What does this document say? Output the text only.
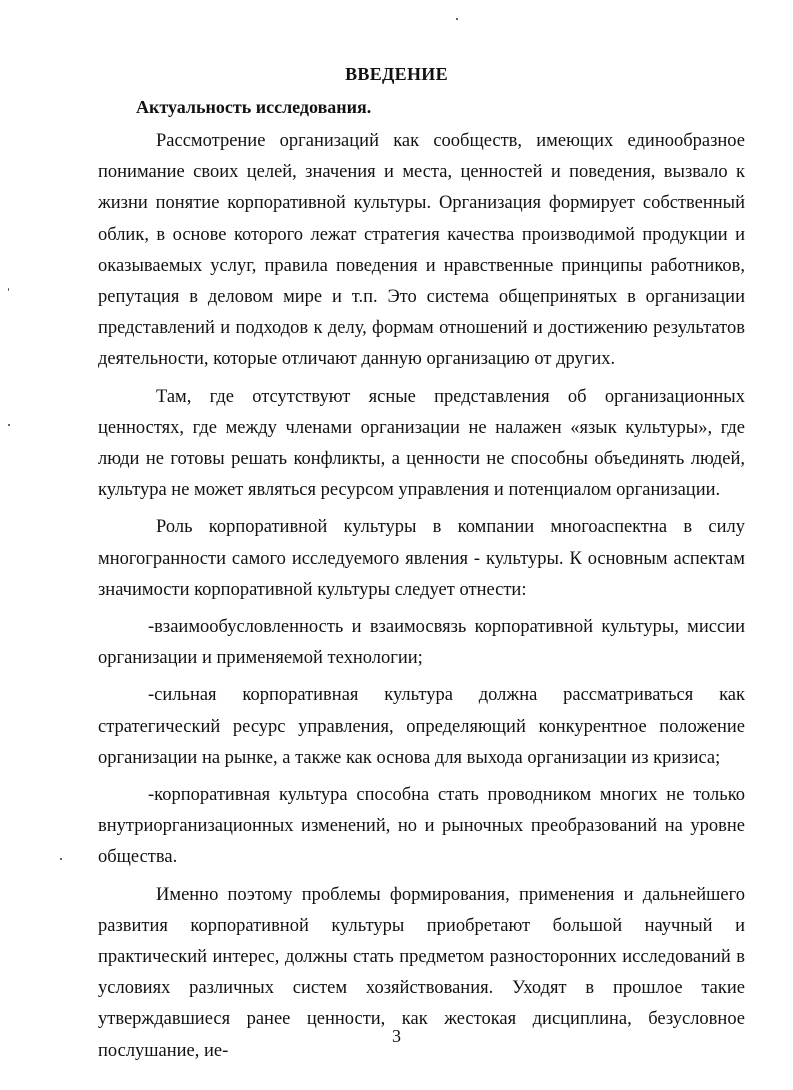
ВВЕДЕНИЕ
Актуальность исследования.

Рассмотрение организаций как сообществ, имеющих единообразное понимание своих целей, значения и места, ценностей и поведения, вызвало к жизни понятие корпоративной культуры. Организация формирует собственный облик, в основе которого лежат стратегия качества производимой продукции и оказываемых услуг, правила поведения и нравственные принципы работников, репутация в деловом мире и т.п. Это система общепринятых в организации представлений и подходов к делу, формам отношений и достижению результатов деятельности, которые отличают данную организацию от других.

Там, где отсутствуют ясные представления об организационных ценностях, где между членами организации не налажен «язык культуры», где люди не готовы решать конфликты, а ценности не способны объединять людей, культура не может являться ресурсом управления и потенциалом организации.

Роль корпоративной культуры в компании многоаспектна в силу многогранности самого исследуемого явления - культуры. К основным аспектам значимости корпоративной культуры следует отнести:

-взаимообусловленность и взаимосвязь корпоративной культуры, миссии организации и применяемой технологии;

-сильная корпоративная культура должна рассматриваться как стратегический ресурс управления, определяющий конкурентное положение организации на рынке, а также как основа для выхода организации из кризиса;

-корпоративная культура способна стать проводником многих не только внутриорганизационных изменений, но и рыночных преобразований на уровне общества.

Именно поэтому проблемы формирования, применения и дальнейшего развития корпоративной культуры приобретают большой научный и практический интерес, должны стать предметом разносторонних исследований в условиях различных систем хозяйствования. Уходят в прошлое такие утверждавшиеся ранее ценности, как жестокая дисциплина, безусловное послушание, ие-

3
